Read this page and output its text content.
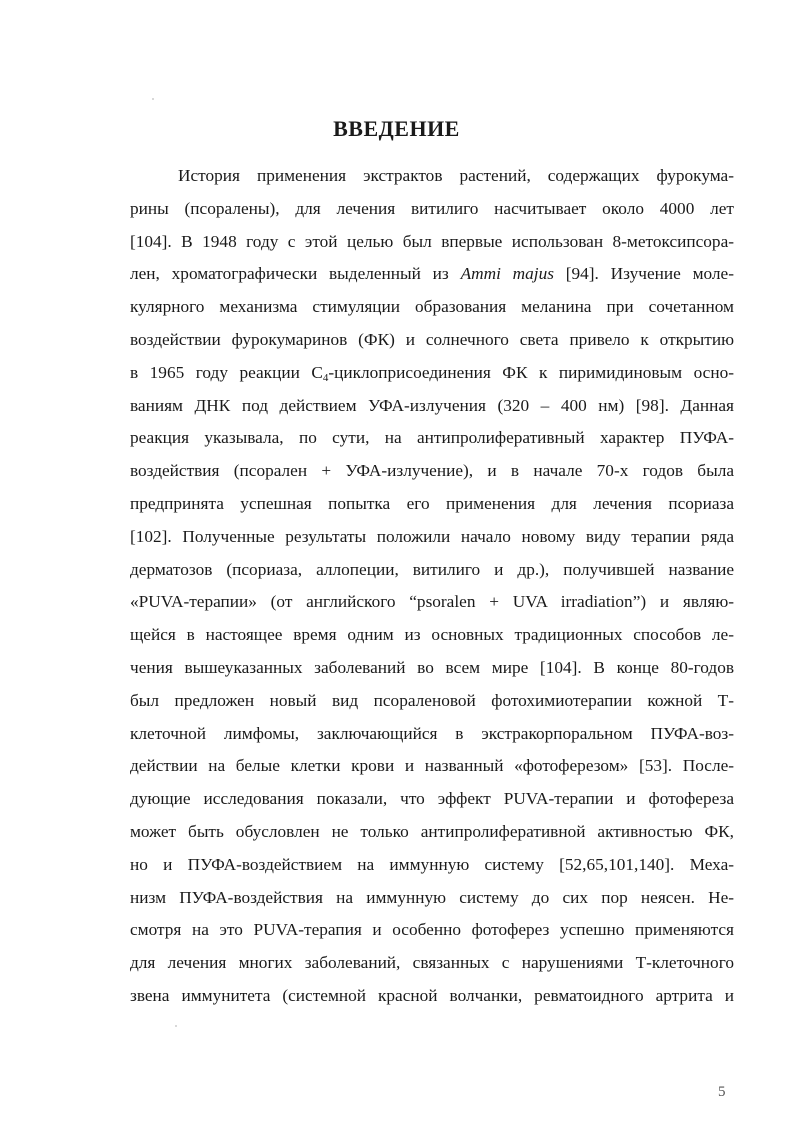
ВВЕДЕНИЕ
История применения экстрактов растений, содержащих фурокума-
рины (псоралены), для лечения витилиго насчитывает около 4000 лет
[104]. В 1948 году с этой целью был впервые использован 8-метоксипсора-
лен, хроматографически выделенный из Ammi majus [94]. Изучение моле-
кулярного механизма стимуляции образования меланина при сочетанном
воздействии фурокумаринов (ФК) и солнечного света привело к открытию
в 1965 году реакции $С_4$-циклоприсоединения ФК к пиримидиновым осно-
ваниям ДНК под действием УФА-излучения (320 – 400 нм) [98]. Данная
реакция указывала, по сути, на антипролиферативный характер ПУФА-
воздействия (псорален + УФА-излучение), и в начале 70-х годов была
предпринята успешная попытка его применения для лечения псориаза
[102]. Полученные результаты положили начало новому виду терапии ряда
дерматозов (псориаза, аллопеции, витилиго и др.), получившей название
«PUVA-терапии» (от английского “psoralen + UVA irradiation”) и являю-
щейся в настоящее время одним из основных традиционных способов ле-
чения вышеуказанных заболеваний во всем мире [104]. В конце 80-годов
был предложен новый вид псораленовой фотохимиотерапии кожной Т-
клеточной лимфомы, заключающийся в экстракорпоральном ПУФА-воз-
действии на белые клетки крови и названный «фотоферезом» [53]. После-
дующие исследования показали, что эффект PUVA-терапии и фотофереза
может быть обусловлен не только антипролиферативной активностью ФК,
но и ПУФА-воздействием на иммунную систему [52,65,101,140]. Меха-
низм ПУФА-воздействия на иммунную систему до сих пор неясен. Не-
смотря на это PUVA-терапия и особенно фотоферез успешно применяются
для лечения многих заболеваний, связанных с нарушениями Т-клеточного
звена иммунитета (системной красной волчанки, ревматоидного артрита и
5
